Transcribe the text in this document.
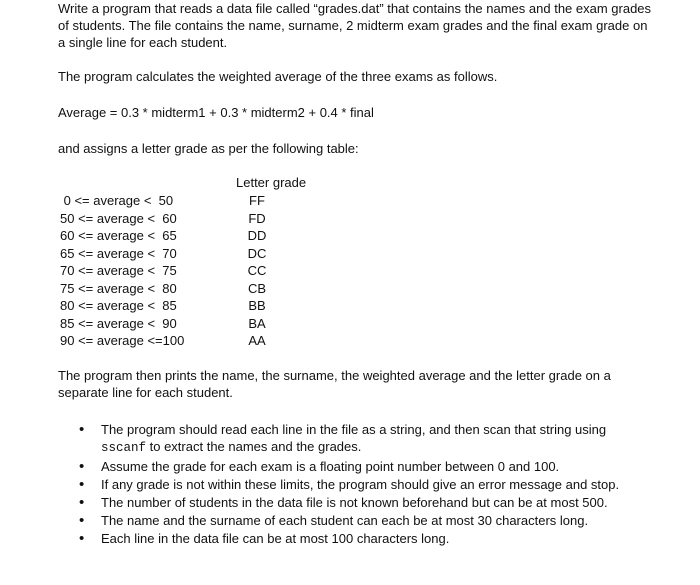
Write a program that reads a data file called “grades.dat” that contains the names and the exam grades of students. The file contains the name, surname, 2 midterm exam grades and the final exam grade on a single line for each student.

The program calculates the weighted average of the three exams as follows.

Average = 0.3 * midterm1 + 0.3 * midterm2 + 0.4 * final

and assigns a letter grade as per the following table:

Letter grade
0 <= average <  50
50 <= average <  60
60 <= average <  65
65 <= average <  70
70 <= average <  75
75 <= average <  80
80 <= average <  85
85 <= average <  90
90 <= average <=100
FF
FD
DD
DC
CC
CB
BB
BA
AA

The program then prints the name, the surname, the weighted average and the letter grade on a separate line for each student.

• The program should read each line in the file as a string, and then scan that string using sscanf to extract the names and the grades.
• Assume the grade for each exam is a floating point number between 0 and 100.
• If any grade is not within these limits, the program should give an error message and stop.
• The number of students in the data file is not known beforehand but can be at most 500.
• The name and the surname of each student can each be at most 30 characters long.
• Each line in the data file can be at most 100 characters long.
